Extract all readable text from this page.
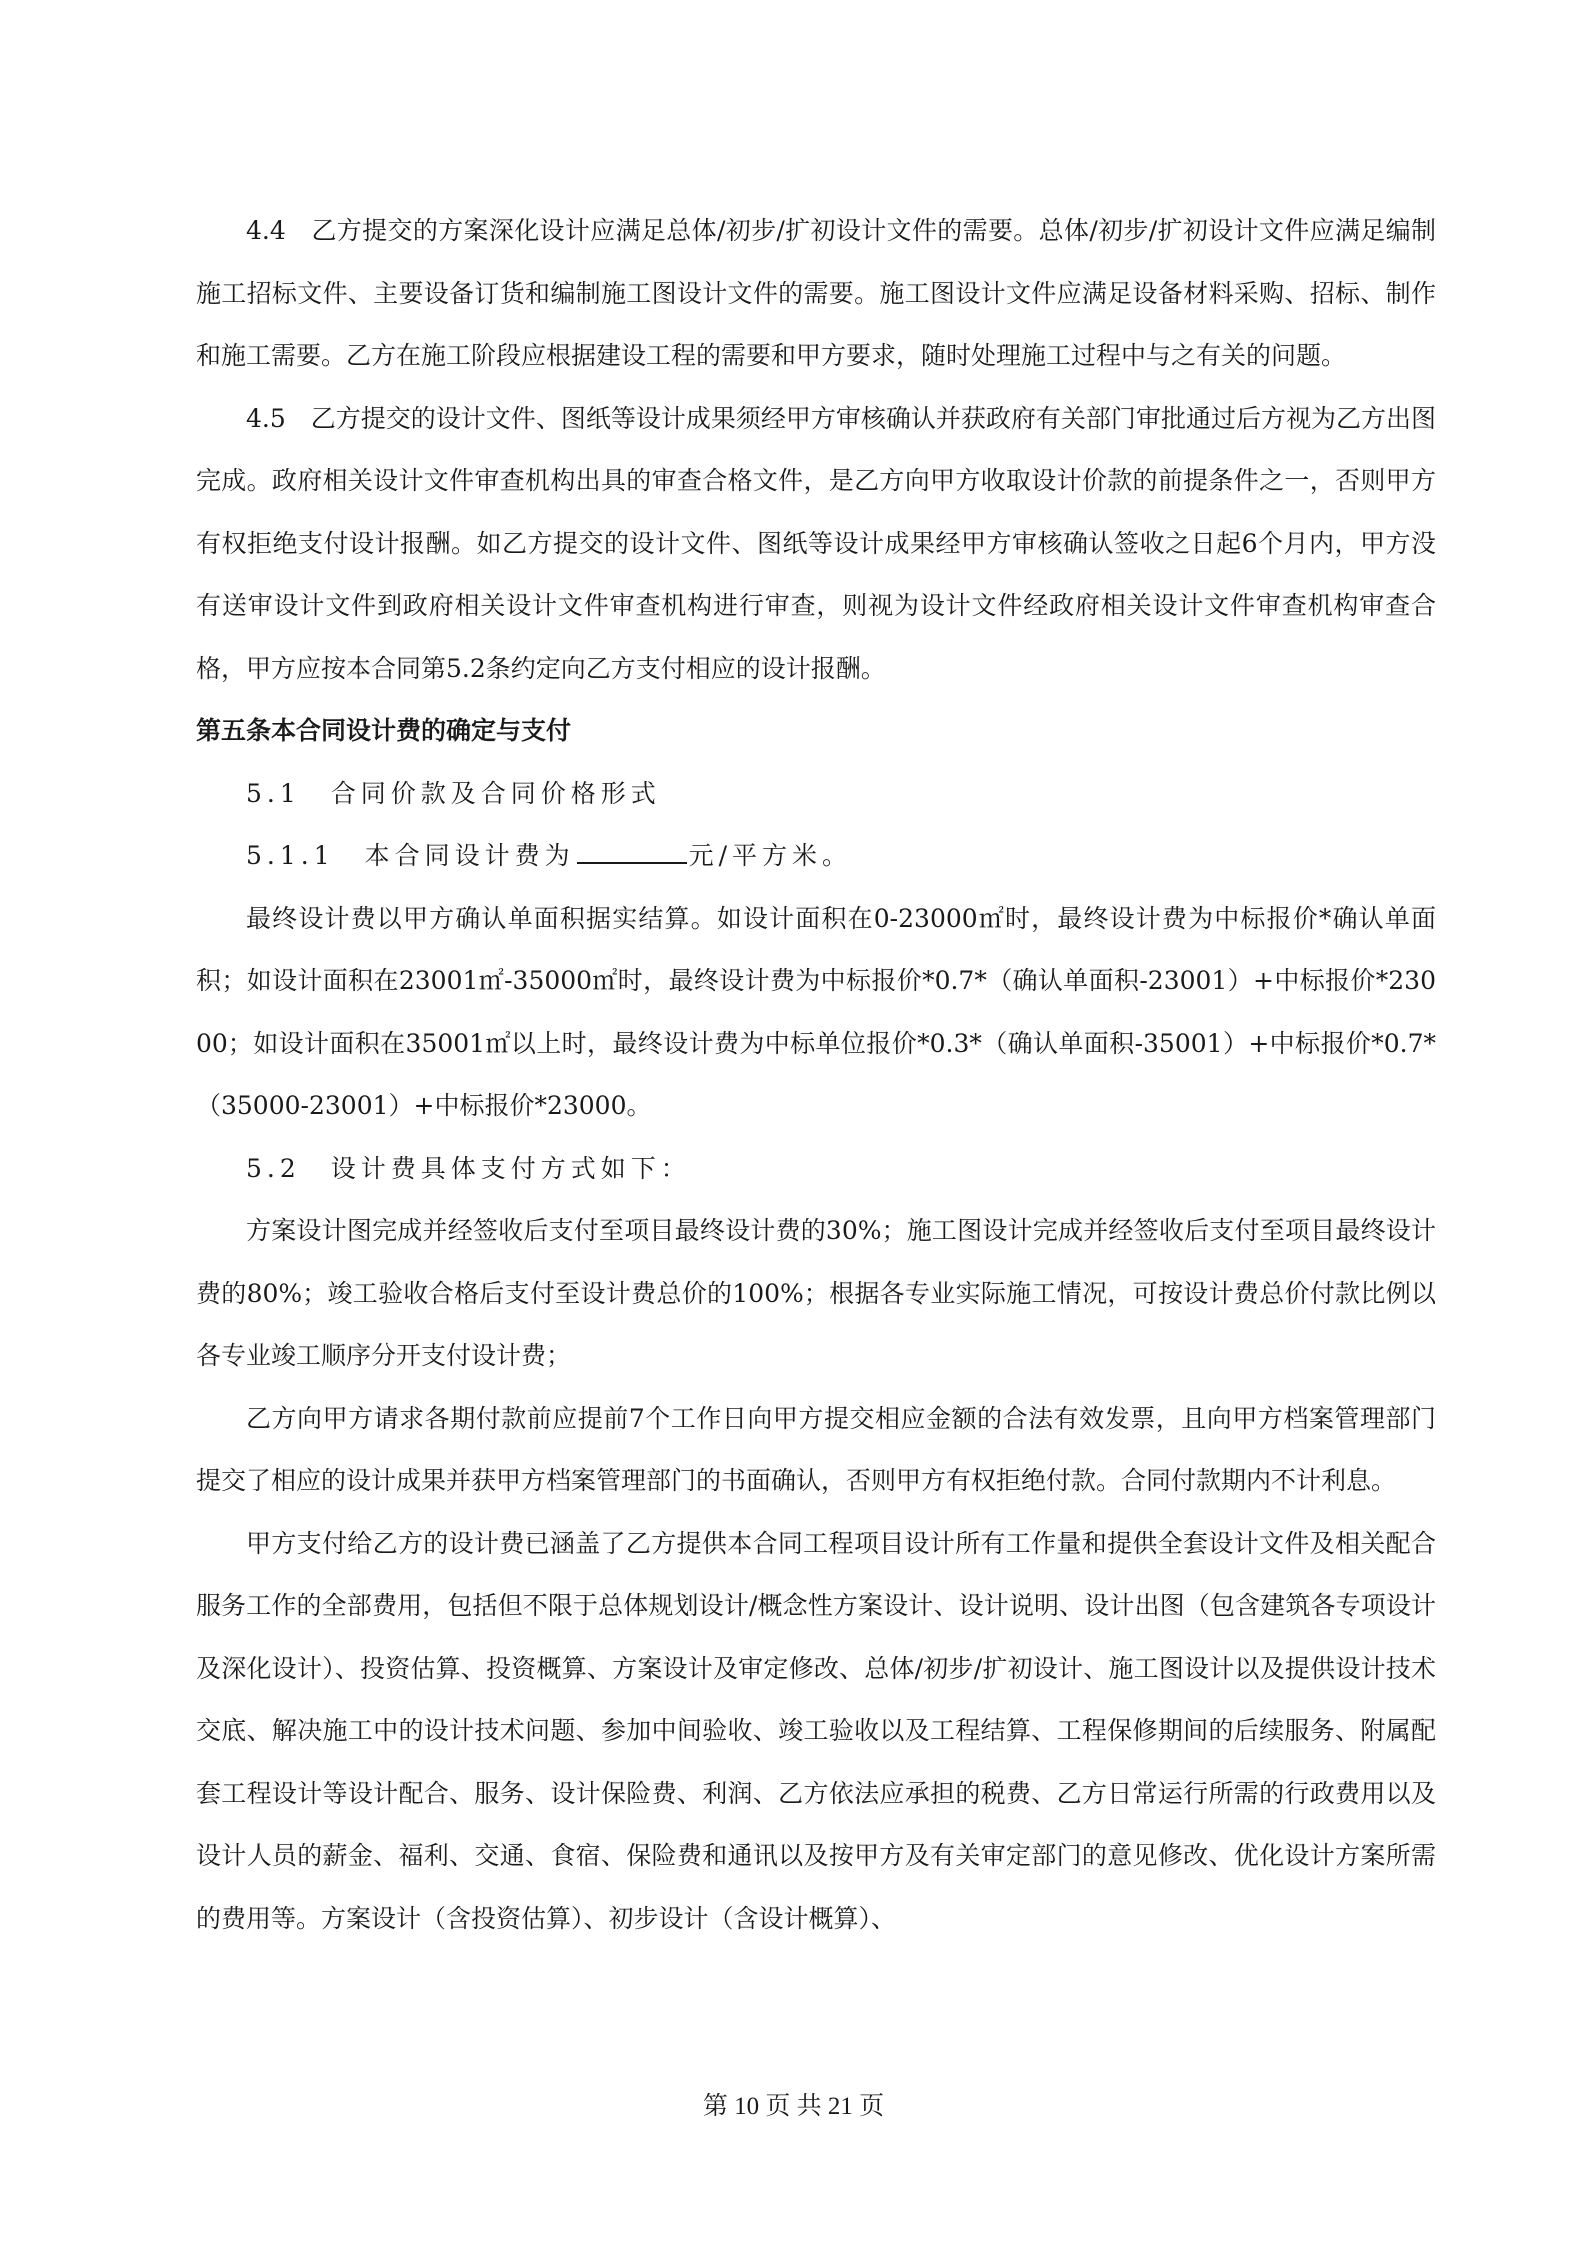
4.4　乙方提交的方案深化设计应满足总体/初步/扩初设计文件的需要。总体/初步/扩初设计文件应满足编制施工招标文件、主要设备订货和编制施工图设计文件的需要。施工图设计文件应满足设备材料采购、招标、制作和施工需要。乙方在施工阶段应根据建设工程的需要和甲方要求，随时处理施工过程中与之有关的问题。

4.5　乙方提交的设计文件、图纸等设计成果须经甲方审核确认并获政府有关部门审批通过后方视为乙方出图完成。政府相关设计文件审查机构出具的审查合格文件，是乙方向甲方收取设计价款的前提条件之一，否则甲方有权拒绝支付设计报酬。如乙方提交的设计文件、图纸等设计成果经甲方审核确认签收之日起6个月内，甲方没有送审设计文件到政府相关设计文件审查机构进行审查，则视为设计文件经政府相关设计文件审查机构审查合格，甲方应按本合同第5.2条约定向乙方支付相应的设计报酬。

第五条本合同设计费的确定与支付

5.1　合同价款及合同价格形式

5.1.1　本合同设计费为	元/平方米。

最终设计费以甲方确认单面积据实结算。如设计面积在0-23000㎡时，最终设计费为中标报价*确认单面积；如设计面积在23001㎡-35000㎡时，最终设计费为中标报价*0.7*（确认单面积-23001）+中标报价*23000；如设计面积在35001㎡以上时，最终设计费为中标单位报价*0.3*（确认单面积-35001）+中标报价*0.7*（35000-23001）+中标报价*23000。

5.2　设计费具体支付方式如下：

方案设计图完成并经签收后支付至项目最终设计费的30%；施工图设计完成并经签收后支付至项目最终设计费的80%；竣工验收合格后支付至设计费总价的100%；根据各专业实际施工情况，可按设计费总价付款比例以各专业竣工顺序分开支付设计费；

乙方向甲方请求各期付款前应提前7个工作日向甲方提交相应金额的合法有效发票，且向甲方档案管理部门提交了相应的设计成果并获甲方档案管理部门的书面确认，否则甲方有权拒绝付款。合同付款期内不计利息。

甲方支付给乙方的设计费已涵盖了乙方提供本合同工程项目设计所有工作量和提供全套设计文件及相关配合服务工作的全部费用，包括但不限于总体规划设计/概念性方案设计、设计说明、设计出图（包含建筑各专项设计及深化设计）、投资估算、投资概算、方案设计及审定修改、总体/初步/扩初设计、施工图设计以及提供设计技术交底、解决施工中的设计技术问题、参加中间验收、竣工验收以及工程结算、工程保修期间的后续服务、附属配套工程设计等设计配合、服务、设计保险费、利润、乙方依法应承担的税费、乙方日常运行所需的行政费用以及设计人员的薪金、福利、交通、食宿、保险费和通讯以及按甲方及有关审定部门的意见修改、优化设计方案所需的费用等。方案设计（含投资估算）、初步设计（含设计概算）、

第 10 页 共 21 页
